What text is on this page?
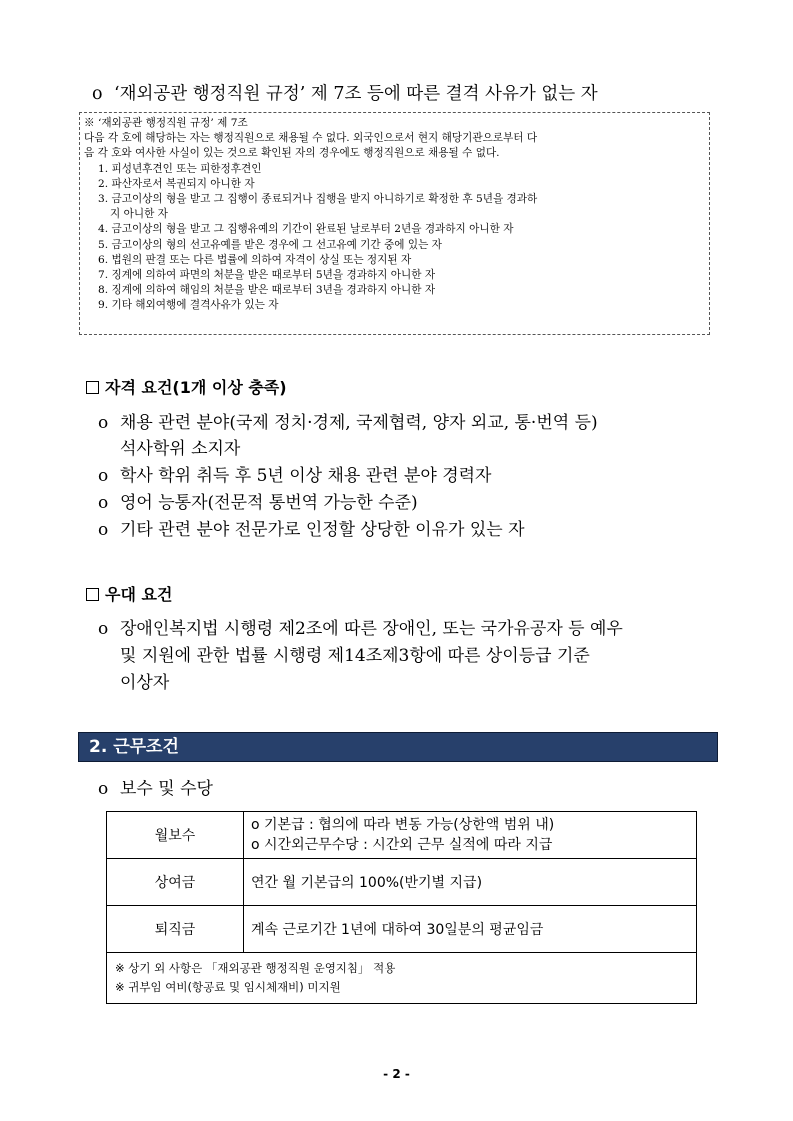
o ‘재외공관 행정직원 규정’ 제 7조 등에 따른 결격 사유가 없는 자
※ ‘재외공관 행정직원 규정’ 제 7조
다음 각 호에 해당하는 자는 행정직원으로 채용될 수 없다. 외국인으로서 현지 해당기관으로부터 다
음 각 호와 여사한 사실이 있는 것으로 확인된 자의 경우에도 행정직원으로 채용될 수 없다.
1. 피성년후견인 또는 피한정후견인
2. 파산자로서 복권되지 아니한 자
3. 금고이상의 형을 받고 그 집행이 종료되거나 집행을 받지 아니하기로 확정한 후 5년을 경과하
지 아니한 자
4. 금고이상의 형을 받고 그 집행유예의 기간이 완료된 날로부터 2년을 경과하지 아니한 자
5. 금고이상의 형의 선고유예를 받은 경우에 그 선고유예 기간 중에 있는 자
6. 법원의 판결 또는 다른 법률에 의하여 자격이 상실 또는 정지된 자
7. 징계에 의하여 파면의 처분을 받은 때로부터 5년을 경과하지 아니한 자
8. 징계에 의하여 해임의 처분을 받은 때로부터 3년을 경과하지 아니한 자
9. 기타 해외여행에 결격사유가 있는 자
자격 요건(1개 이상 충족)
o 채용 관련 분야(국제 정치·경제, 국제협력, 양자 외교, 통·번역 등)
석사학위 소지자
o 학사 학위 취득 후 5년 이상 채용 관련 분야 경력자
o 영어 능통자(전문적 통번역 가능한 수준)
o 기타 관련 분야 전문가로 인정할 상당한 이유가 있는 자
우대 요건
o 장애인복지법 시행령 제2조에 따른 장애인, 또는 국가유공자 등 예우
및 지원에 관한 법률 시행령 제14조제3항에 따른 상이등급 기준
이상자
2. 근무조건
o 보수 및 수당
월보수	o 기본급 : 협의에 따라 변동 가능(상한액 범위 내)
o 시간외근무수당 : 시간외 근무 실적에 따라 지급

상여금	연간 월 기본급의 100%(반기별 지급)
퇴직금	계속 근로기간 1년에 대하여 30일분의 평균임금

※ 상기 외 사항은 「재외공관 행정직원 운영지침」 적용
※ 귀부임 여비(항공료 및 임시체재비) 미지원	
- 2 -
